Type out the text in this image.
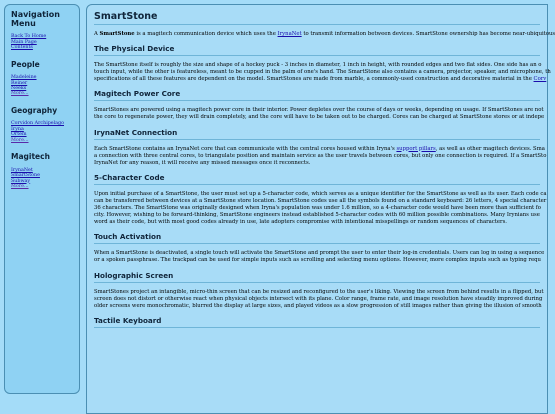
Navigation Menu
Back To Home
Main Page
Contents
People
Madeleine
Reiner
Neeks
More...
Geography
Corvidon Archipelago
Iryna
Ortem
More...
Magitech
IrynaNet
SmartStone
Subway
More...
SmartStone

A SmartStone is a magitech communication device which uses the IrynaNet to transmit information between devices. SmartStone ownership has become near-ubiquitous

The Physical Device

The SmartStone itself is roughly the size and shape of a hockey puck - 3 inches in diameter, 1 inch in height, with rounded edges and two flat sides. One side has an o
touch input, while the other is featureless, meant to be cupped in the palm of one's hand. The SmartStone also contains a camera, projector, speaker, and microphone, th
specifications of all these features are dependent on the model. SmartStones are made from marble, a commonly-used construction and decorative material in the Corv

Magitech Power Core

SmartStones are powered using a magitech power core in their interior. Power depletes over the course of days or weeks, depending on usage. If SmartStones are not
the core to regenerate power, they will drain completely, and the core will have to be taken out to be charged. Cores can be charged at SmartStone stores or at indepe

IrynaNet Connection

Each SmartStone contains an IrynaNet core that can communicate with the central cores housed within Iryna's support pillars, as well as other magitech devices. Sma
a connection with three central cores, to triangulate position and maintain service as the user travels between cores, but only one connection is required. If a SmartSto
IrynaNet for any reason, it will receive any missed messages once it reconnects.

5-Character Code

Upon initial purchase of a SmartStone, the user must set up a 5-character code, which serves as a unique identifier for the SmartStone as well as its user. Each code ca
can be transferred between devices at a SmartStone store location. SmartStone codes use all the symbols found on a standard keyboard: 26 letters, 4 special character
36 characters. The SmartStone was originally designed when Iryna's population was under 1.6 million, so a 4-character code would have been more than sufficient fo
city. However, wishing to be forward-thinking, SmartStone engineers instead established 5-character codes with 60 million possible combinations. Many Irynians use
word as their code, but with most good codes already in use, late adopters compromise with intentional misspellings or random sequences of characters.

Touch Activation

When a SmartStone is deactivated, a single touch will activate the SmartStone and prompt the user to enter their log-in credentials. Users can log in using a sequence
or a spoken passphrase. The trackpad can be used for simple inputs such as scrolling and selecting menu options. However, more complex inputs such as typing requ

Holographic Screen

SmartStones project an intangible, micro-thin screen that can be resized and reconfigured to the user's liking. Viewing the screen from behind results in a flipped, but
screen does not distort or otherwise react when physical objects intersect with its plane. Color range, frame rate, and image resolution have steadily improved during
older screens were monochromatic, blurred the display at large sizes, and played videos as a slow progression of still images rather than giving the illusion of smooth

Tactile Keyboard
